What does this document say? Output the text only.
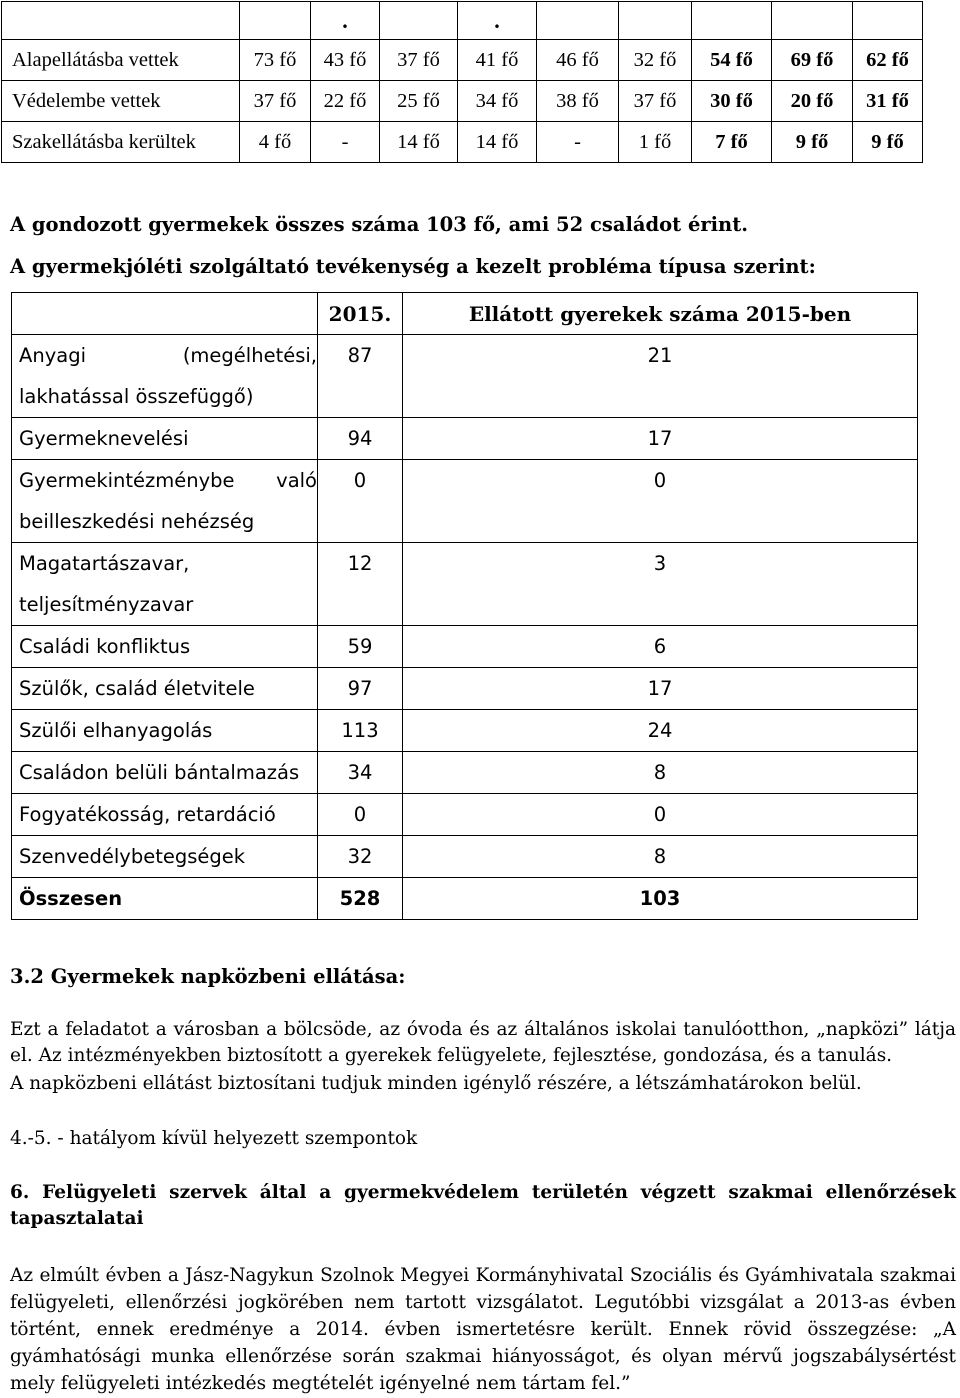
		.		.					
Alapellátásba vettek	73 fő	43 fő	37 fő	41 fő	46 fő	32 fő	54 fő	69 fő	62 fő
Védelembe vettek	37 fő	22 fő	25 fő	34 fő	38 fő	37 fő	30 fő	20 fő	31 fő
Szakellátásba kerültek	4 fő	-	14 fő	14 fő	-	1 fő	7 fő	9 fő	9 fő
A gondozott gyermekek összes száma 103 fő, ami 52 családot érint.
A gyermekjóléti szolgáltató tevékenység a kezelt probléma típusa szerint:
	2015.	Ellátott gyerekek száma 2015-ben

Anyagi (megélhetési,
lakhatással összefüggő)	87	21

Gyermeknevelési	94	17

Gyermekintézménybe való
beilleszkedési nehézség	0	0

Magatartászavar,
teljesítményzavar	12	3

Családi konfliktus	59	6
Szülők, család életvitele	97	17
Szülői elhanyagolás	113	24
Családon belüli bántalmazás	34	8
Fogyatékosság, retardáció	0	0
Szenvedélybetegségek	32	8
Összesen	528	103
3.2 Gyermekek napközbeni ellátása:
Ezt a feladatot a városban a bölcsöde, az óvoda és az általános iskolai tanulóotthon, „napközi” látja el. Az intézményekben biztosított a gyerekek felügyelete, fejlesztése, gondozása, és a tanulás.
A napközbeni ellátást biztosítani tudjuk minden igénylő részére, a létszámhatárokon belül.
4.-5. - hatályom kívül helyezett szempontok
6. Felügyeleti szervek által a gyermekvédelem területén végzett szakmai ellenőrzések tapasztalatai
Az elmúlt évben a Jász-Nagykun Szolnok Megyei Kormányhivatal Szociális és Gyámhivatala szakmai felügyeleti, ellenőrzési jogkörében nem tartott vizsgálatot. Legutóbbi vizsgálat a 2013-as évben történt, ennek eredménye a 2014. évben ismertetésre került. Ennek rövid összegzése: „A gyámhatósági munka ellenőrzése során szakmai hiányosságot, és olyan mérvű jogszabálysértést mely felügyeleti intézkedés megtételét igényelné nem tártam fel.”
